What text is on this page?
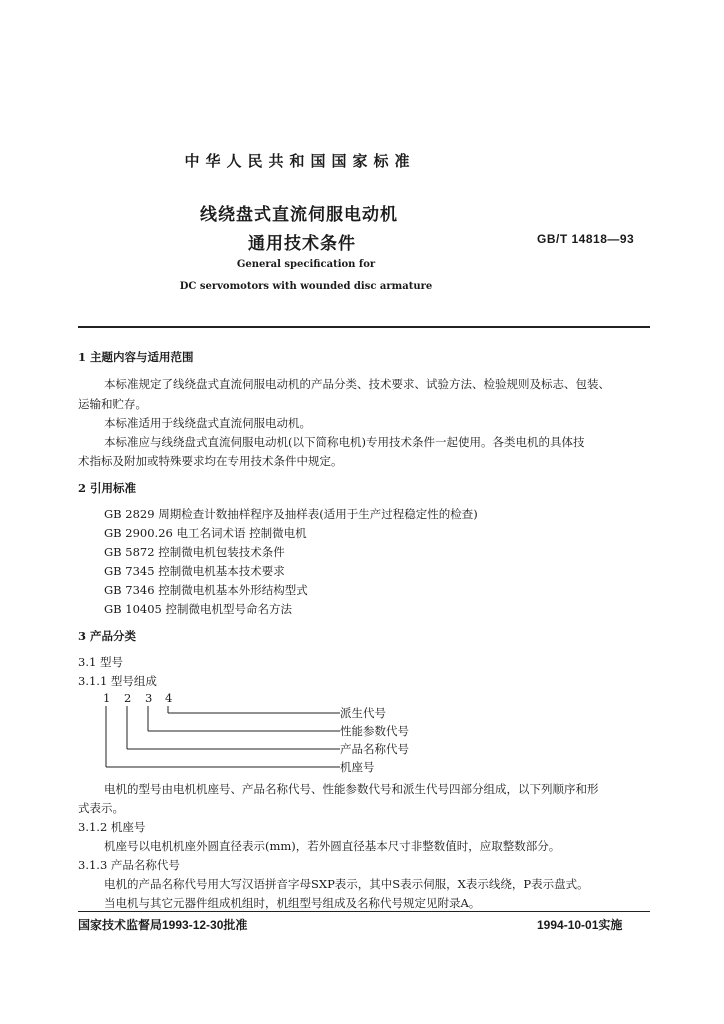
中华人民共和国国家标准
线绕盘式直流伺服电动机
通用技术条件	GB/T 14818—93
General specification for
DC servomotors with wounded disc armature
1 主题内容与适用范围
本标准规定了线绕盘式直流伺服电动机的产品分类、技术要求、试验方法、检验规则及标志、包装、
运输和贮存。
本标准适用于线绕盘式直流伺服电动机。
本标准应与线绕盘式直流伺服电动机(以下简称电机)专用技术条件一起使用。各类电机的具体技
术指标及附加或特殊要求均在专用技术条件中规定。
2 引用标准
GB 2829 周期检查计数抽样程序及抽样表(适用于生产过程稳定性的检查)
GB 2900.26 电工名词术语 控制微电机
GB 5872 控制微电机包装技术条件
GB 7345 控制微电机基本技术要求
GB 7346 控制微电机基本外形结构型式
GB 10405 控制微电机型号命名方法
3 产品分类
3.1 型号
3.1.1 型号组成
1 2 3 4
派生代号
性能参数代号
产品名称代号
机座号
电机的型号由电机机座号、产品名称代号、性能参数代号和派生代号四部分组成，以下列顺序和形
式表示。
3.1.2 机座号
机座号以电机机座外圆直径表示(mm)，若外圆直径基本尺寸非整数值时，应取整数部分。
3.1.3 产品名称代号
电机的产品名称代号用大写汉语拼音字母SXP表示，其中S表示伺服，X表示线绕，P表示盘式。
当电机与其它元器件组成机组时，机组型号组成及名称代号规定见附录A。
国家技术监督局1993-12-30批准	1994-10-01实施
